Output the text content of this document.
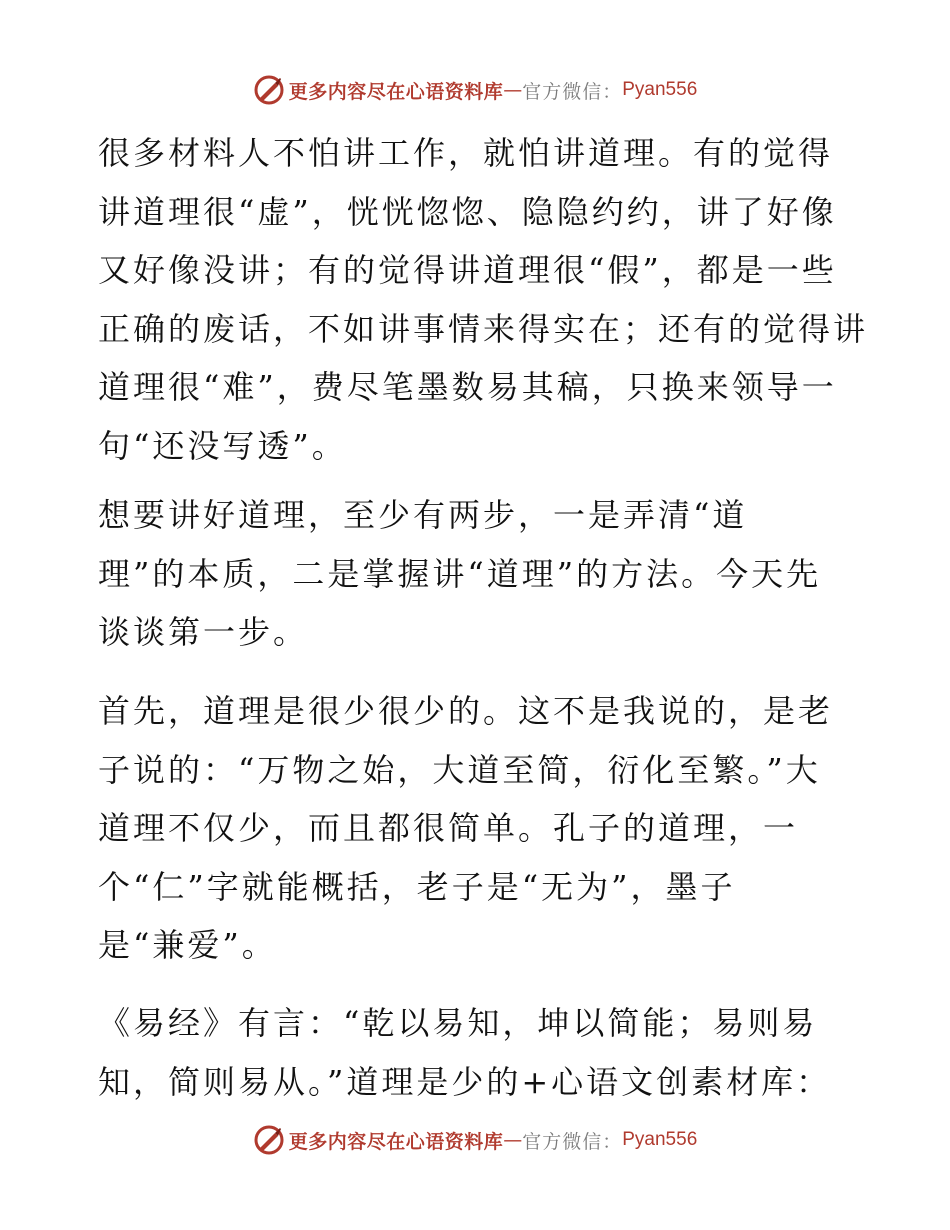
更多内容尽在心语资料库 — 官方微信： Pyan556
很多材料人不怕讲工作，就怕讲道理。有的觉得
讲道理很“虚”，恍恍惚惚、隐隐约约，讲了好像
又好像没讲；有的觉得讲道理很“假”，都是一些
正确的废话，不如讲事情来得实在；还有的觉得讲
道理很“难”，费尽笔墨数易其稿，只换来领导一
句“还没写透”。
想要讲好道理，至少有两步，一是弄清“道
理”的本质，二是掌握讲“道理”的方法。今天先
谈谈第一步。
首先，道理是很少很少的。这不是我说的，是老
子说的：“万物之始，大道至简，衍化至繁。”大
道理不仅少，而且都很简单。孔子的道理，一
个“仁”字就能概括，老子是“无为”，墨子
是“兼爱”。
《易经》有言：“乾以易知，坤以简能；易则易
知，简则易从。”道理是少的+心语文创素材库：
更多内容尽在心语资料库 — 官方微信： Pyan556
